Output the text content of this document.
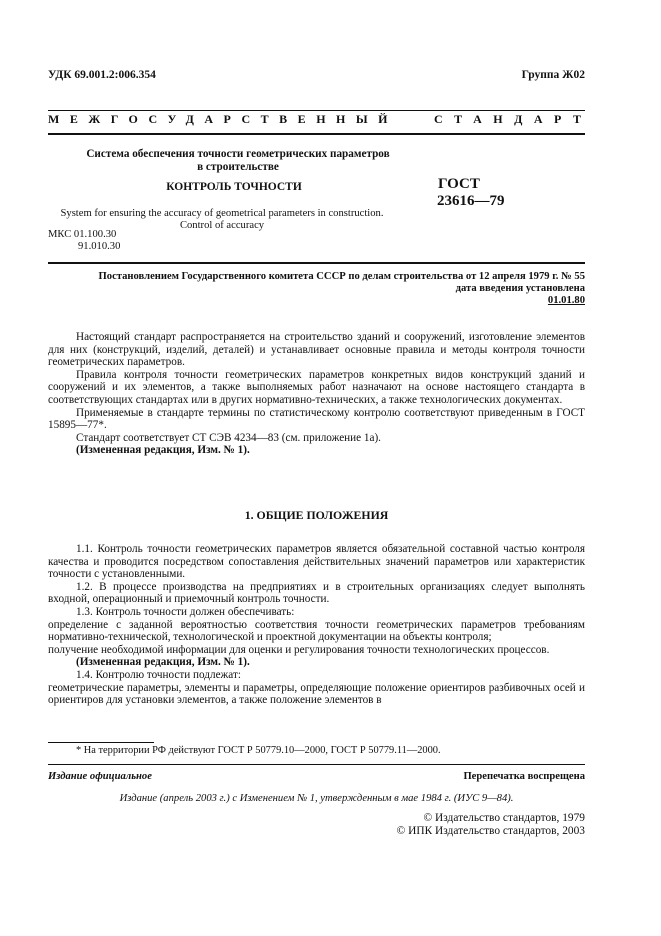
УДК 69.001.2:006.354	Группа Ж02
МЕЖГОСУДАРСТВЕННЫЙ	СТАНДАРТ
Система обеспечения точности геометрических параметров
в строительстве
КОНТРОЛЬ ТОЧНОСТИ	ГОСТ
23616—79
System for ensuring the accuracy of geometrical parameters in construction.
Control of accuracy
МКС 01.100.30
91.010.30
Постановлением Государственного комитета СССР по делам строительства от 12 апреля 1979 г. № 55
дата введения установлена
01.01.80

Настоящий стандарт распространяется на строительство зданий и сооружений, изготовление элементов для них (конструкций, изделий, деталей) и устанавливает основные правила и методы контроля точности геометрических параметров.

Правила контроля точности геометрических параметров конкретных видов конструкций зданий и сооружений и их элементов, а также выполняемых работ назначают на основе настоящего стандарта в соответствующих стандартах или в других нормативно-технических, а также технологических документах.

Применяемые в стандарте термины по статистическому контролю соответствуют приведенным в ГОСТ 15895—77*.

Стандарт соответствует СТ СЭВ 4234—83 (см. приложение 1а).

(Измененная редакция, Изм. № 1).

1. ОБЩИЕ ПОЛОЖЕНИЯ

1.1. Контроль точности геометрических параметров является обязательной составной частью контроля качества и проводится посредством сопоставления действительных значений параметров или характеристик точности с установленными.

1.2. В процессе производства на предприятиях и в строительных организациях следует выполнять входной, операционный и приемочный контроль точности.

1.3. Контроль точности должен обеспечивать:

определение с заданной вероятностью соответствия точности геометрических параметров требованиям нормативно-технической, технологической и проектной документации на объекты контроля;

получение необходимой информации для оценки и регулирования точности технологических процессов.

(Измененная редакция, Изм. № 1).

1.4. Контролю точности подлежат:

геометрические параметры, элементы и параметры, определяющие положение ориентиров разбивочных осей и ориентиров для установки элементов, а также положение элементов в

* На территории РФ действуют ГОСТ Р 50779.10—2000, ГОСТ Р 50779.11—2000.
Издание официальное	Перепечатка воспрещена
Издание (апрель 2003 г.) с Изменением № 1, утвержденным в мае 1984 г. (ИУС 9—84).
© Издательство стандартов, 1979
© ИПК Издательство стандартов, 2003
